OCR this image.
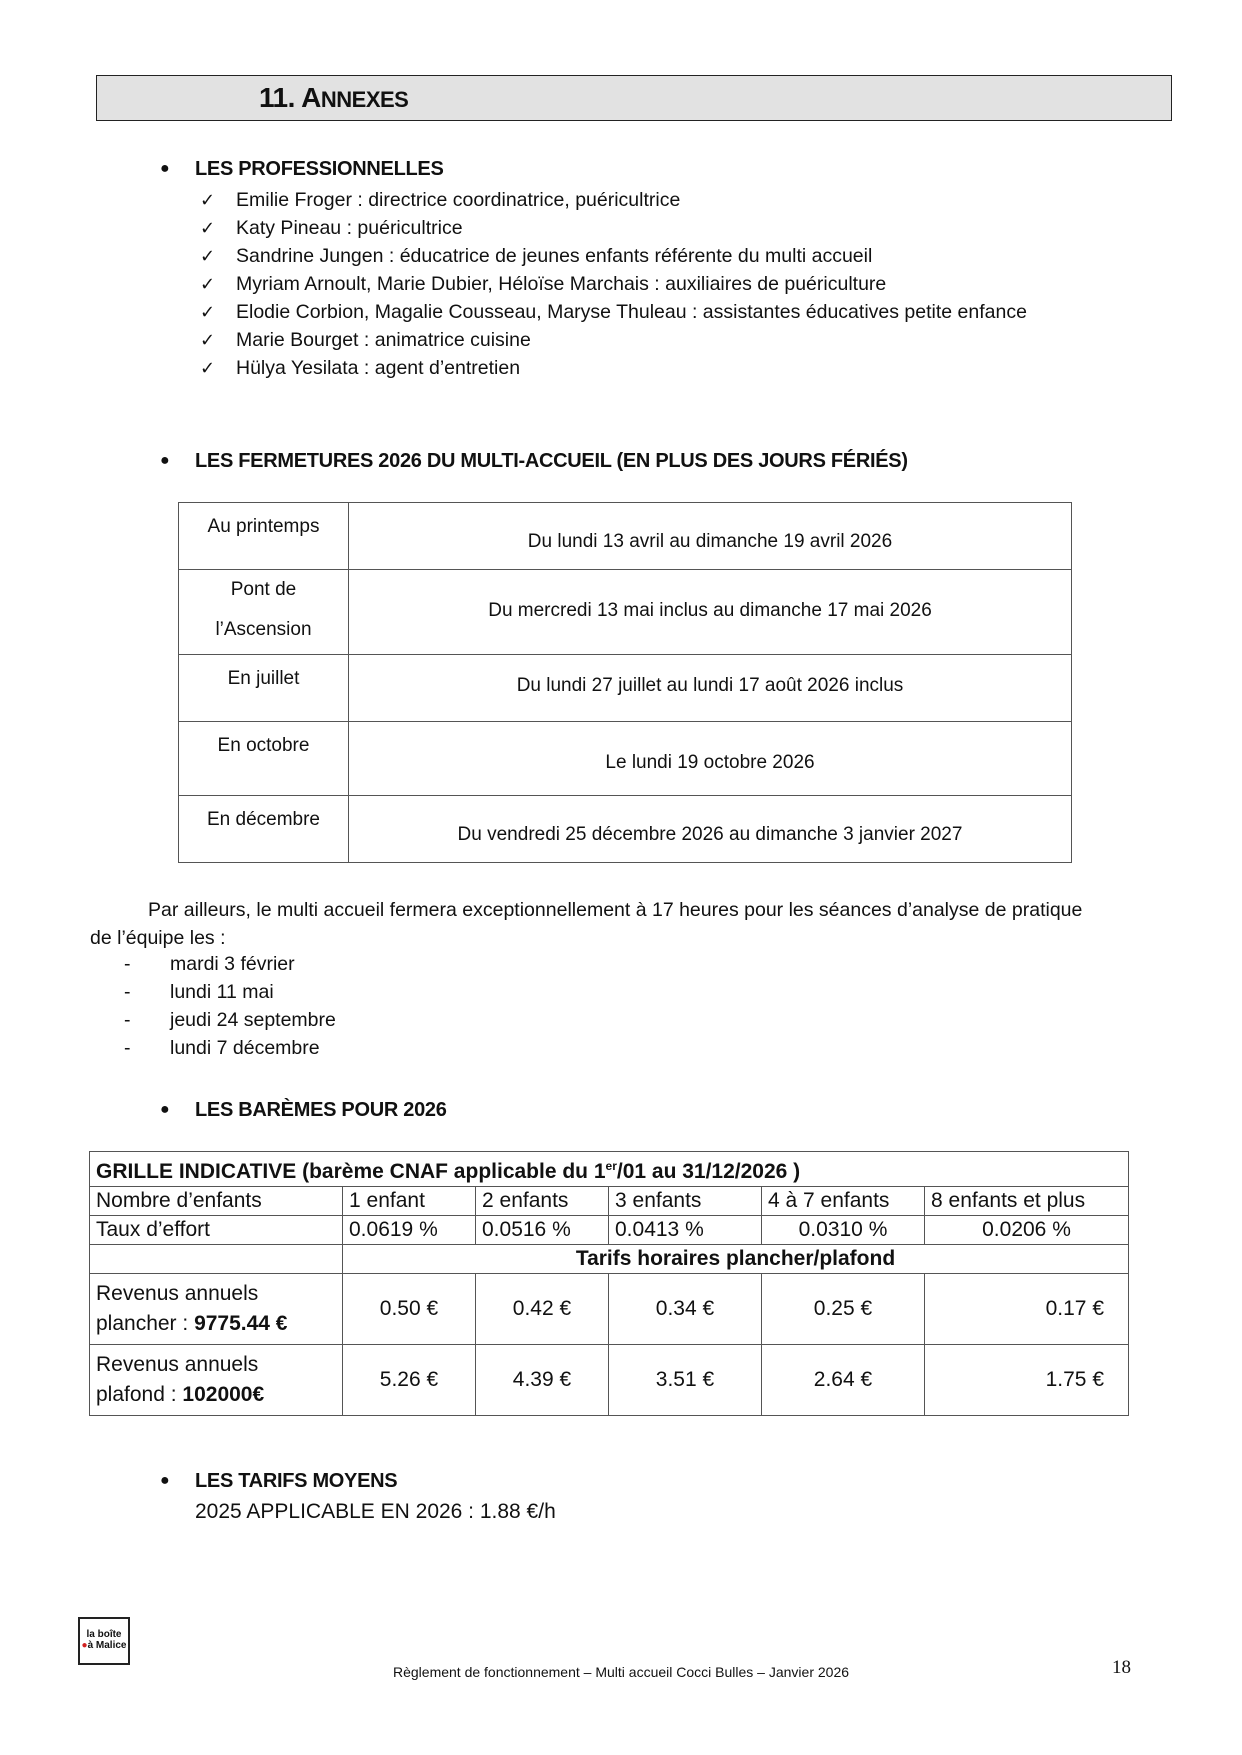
11. ANNEXES
● LES PROFESSIONNELLES
✓ Emilie Froger : directrice coordinatrice, puéricultrice
✓ Katy Pineau : puéricultrice
✓ Sandrine Jungen : éducatrice de jeunes enfants référente du multi accueil
✓ Myriam Arnoult, Marie Dubier, Héloïse Marchais : auxiliaires de puériculture
✓ Elodie Corbion, Magalie Cousseau, Maryse Thuleau : assistantes éducatives petite enfance
✓ Marie Bourget : animatrice cuisine
✓ Hülya Yesilata : agent d’entretien
● LES FERMETURES 2026 DU MULTI-ACCUEIL (EN PLUS DES JOURS FÉRIÉS)
Au printemps	Du lundi 13 avril au dimanche 19 avril 2026
Pont de
l’Ascension	Du mercredi 13 mai inclus au dimanche 17 mai 2026
En juillet	Du lundi 27 juillet au lundi 17 août 2026 inclus
En octobre	Le lundi 19 octobre 2026
En décembre	Du vendredi 25 décembre 2026 au dimanche 3 janvier 2027
Par ailleurs, le multi accueil fermera exceptionnellement à 17 heures pour les séances d’analyse de pratique
de l’équipe les :
- mardi 3 février
- lundi 11 mai
- jeudi 24 septembre
- lundi 7 décembre
● LES BARÈMES POUR 2026
GRILLE INDICATIVE (barème CNAF applicable du 1er/01 au 31/12/2026 )					
Nombre d’enfants	1 enfant	2 enfants	3 enfants	4 à 7 enfants	8 enfants et plus
Taux d’effort	0.0619 %	0.0516 %	0.0413 %	0.0310 %	0.0206 %
	Tarifs horaires plancher/plafond				
Revenus annuels
plancher : 9775.44 €	0.50 €	0.42 €	0.34 €	0.25 €	0.17 €
Revenus annuels
plafond : 102000€	5.26 €	4.39 €	3.51 €	2.64 €	1.75 €
● LES TARIFS MOYENS
2025 APPLICABLE EN 2026 : 1.88 €/h
la boîte
●à Malice
Règlement de fonctionnement – Multi accueil Cocci Bulles – Janvier 2026	18
